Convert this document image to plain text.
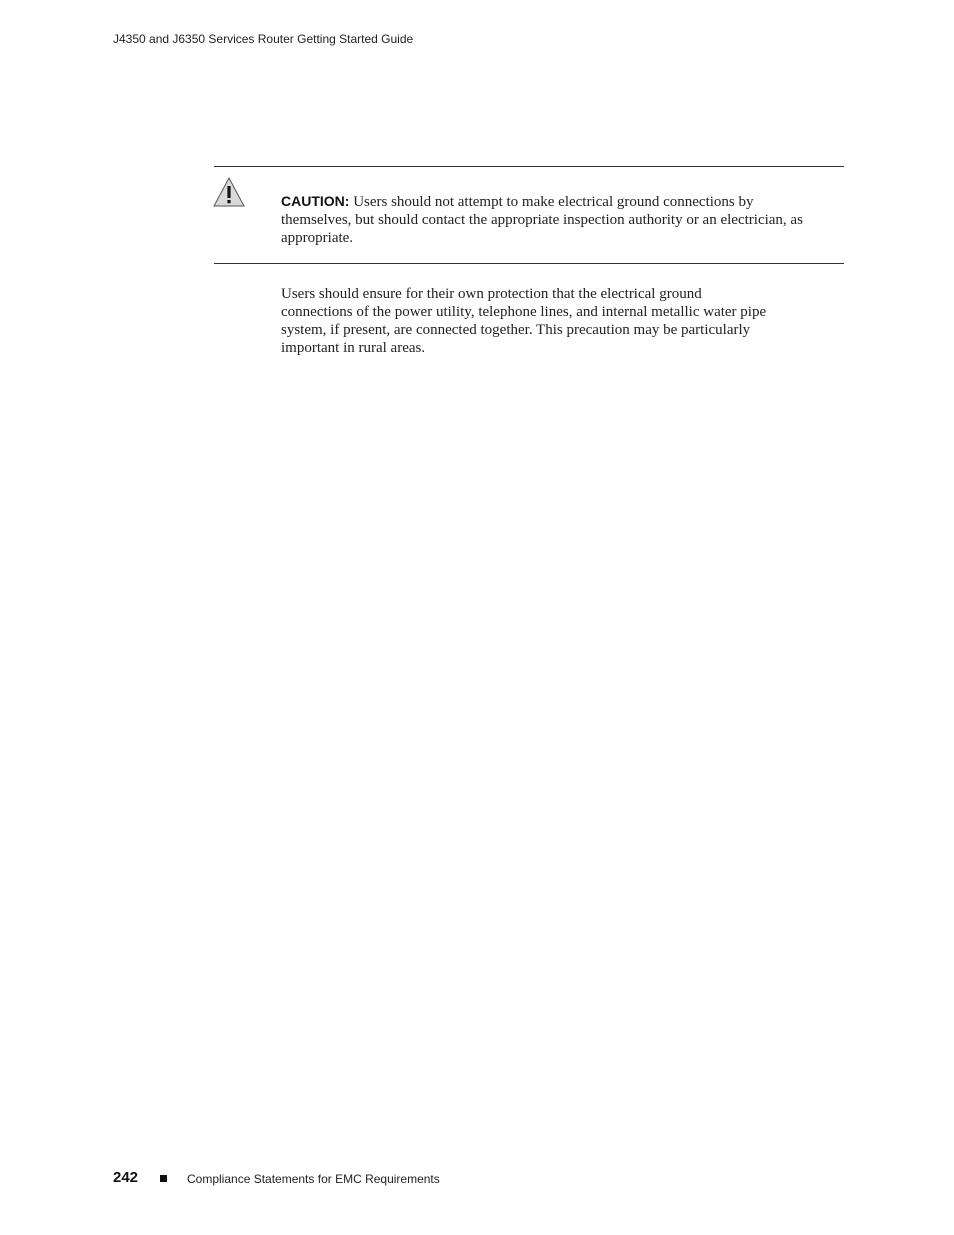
J4350 and J6350 Services Router Getting Started Guide
CAUTION: Users should not attempt to make electrical ground connections by themselves, but should contact the appropriate inspection authority or an electrician, as appropriate.

Users should ensure for their own protection that the electrical ground connections of the power utility, telephone lines, and internal metallic water pipe system, if present, are connected together. This precaution may be particularly important in rural areas.

242	Compliance Statements for EMC Requirements
